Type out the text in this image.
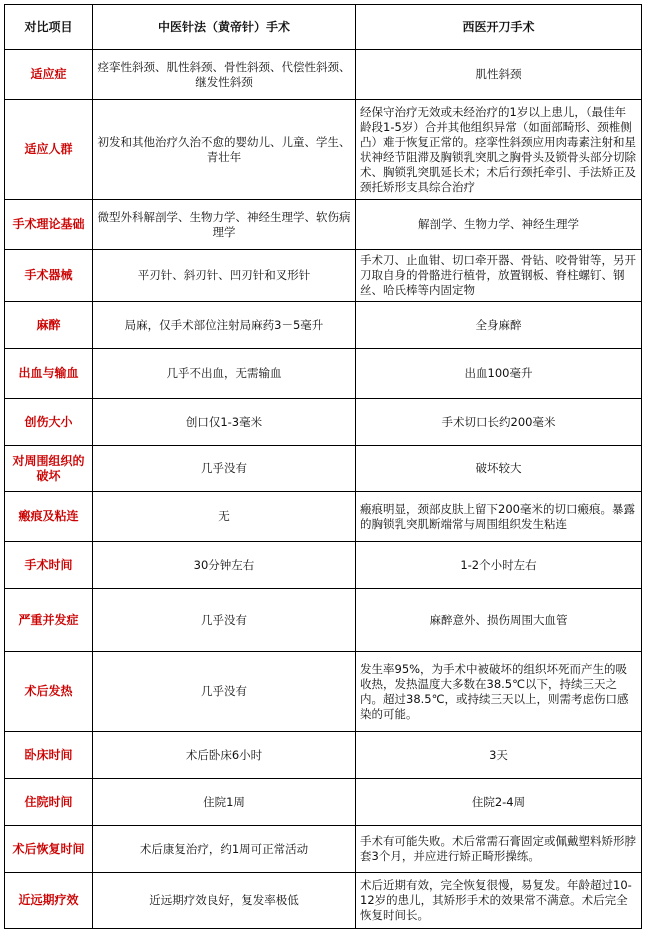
对比项目	中医针法（黄帝针）手术	西医开刀手术
适应症	痉挛性斜颈、肌性斜颈、骨性斜颈、代偿性斜颈、继发性斜颈	肌性斜颈
适应人群	初发和其他治疗久治不愈的婴幼儿、儿童、学生、青壮年	经保守治疗无效或未经治疗的1岁以上患儿，（最佳年龄段1-5岁）合并其他组织异常（如面部畸形、颈椎侧凸）难于恢复正常的。痉挛性斜颈应用肉毒素注射和星状神经节阻滞及胸锁乳突肌之胸骨头及锁骨头部分切除术、胸锁乳突肌延长术；术后行颈托牵引、手法矫正及颈托矫形支具综合治疗
手术理论基础	微型外科解剖学、生物力学、神经生理学、软伤病理学	解剖学、生物力学、神经生理学
手术器械	平刃针、斜刃针、凹刃针和叉形针	手术刀、止血钳、切口牵开器、骨钻、咬骨钳等，另开刀取自身的骨骼进行植骨，放置钢板、脊柱螺钉、钢丝、哈氏棒等内固定物
麻醉	局麻，仅手术部位注射局麻药3－5毫升	全身麻醉
出血与输血	几乎不出血，无需输血	出血100毫升
创伤大小	创口仅1-3毫米	手术切口长约200毫米
对周围组织的破坏	几乎没有	破坏较大
瘢痕及粘连	无	瘢痕明显，颈部皮肤上留下200毫米的切口瘢痕。暴露的胸锁乳突肌断端常与周围组织发生粘连
手术时间	30分钟左右	1-2个小时左右
严重并发症	几乎没有	麻醉意外、损伤周围大血管
术后发热	几乎没有	发生率95%，为手术中被破坏的组织坏死而产生的吸收热，发热温度大多数在38.5℃以下，持续三天之内。超过38.5℃，或持续三天以上，则需考虑伤口感染的可能。
卧床时间	术后卧床6小时	3天
住院时间	住院1周	住院2-4周
术后恢复时间	术后康复治疗，约1周可正常活动	手术有可能失败。术后常需石膏固定或佩戴塑料矫形脖套3个月，并应进行矫正畸形操练。
近远期疗效	近远期疗效良好，复发率极低	术后近期有效，完全恢复很慢，易复发。年龄超过10-12岁的患儿，其矫形手术的效果常不满意。术后完全恢复时间长。
